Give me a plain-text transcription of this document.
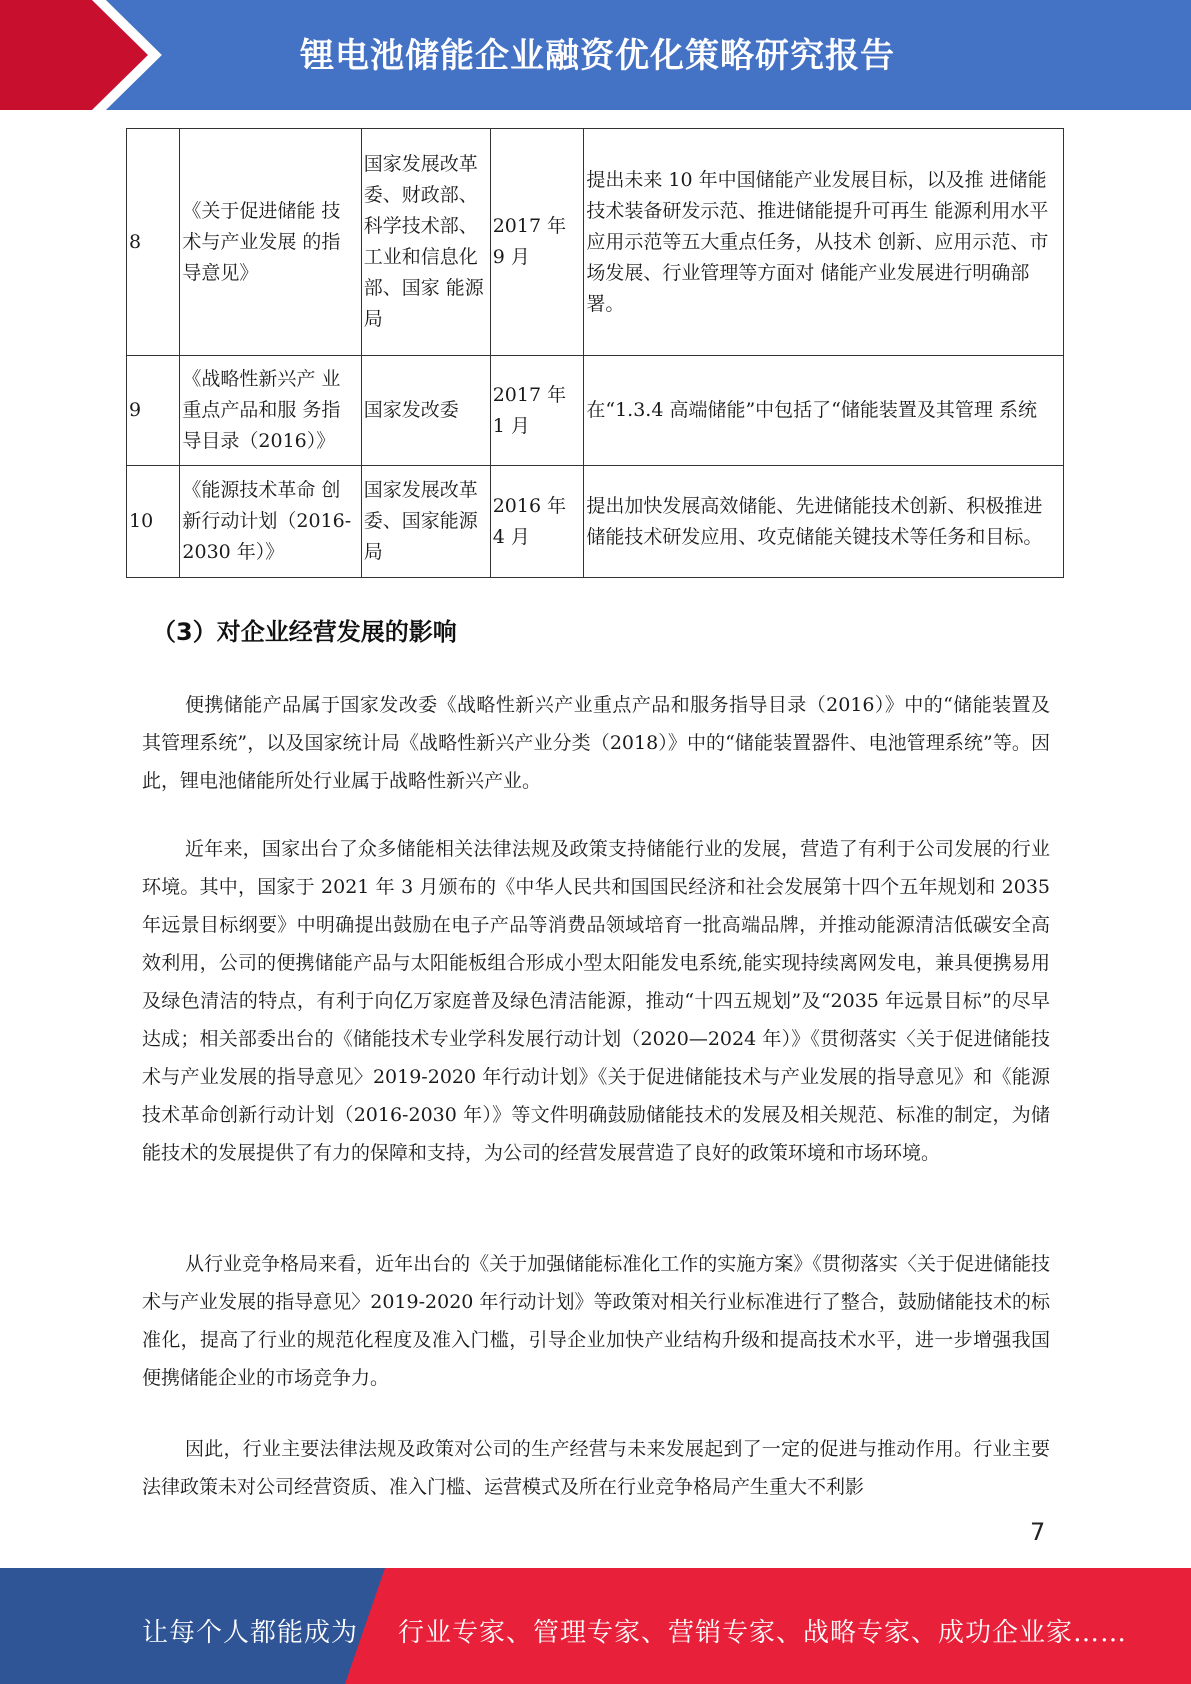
锂电池储能企业融资优化策略研究报告
8	《关于促进储能 技术与产业发展 的指导意见》	国家发展改革委、财政部、科学技术部、工业和信息化部、国家 能源局	2017 年 9 月	提出未来 10 年中国储能产业发展目标，以及推 进储能技术装备研发示范、推进储能提升可再生 能源利用水平应用示范等五大重点任务，从技术 创新、应用示范、市场发展、行业管理等方面对 储能产业发展进行明确部署。
9	《战略性新兴产 业重点产品和服 务指导目录（2016）》	国家发改委	2017 年 1 月	在“1.3.4 高端储能”中包括了“储能装置及其管理 系统
10	《能源技术革命 创新行动计划（2016-2030 年）》	国家发展改革委、国家能源局	2016 年 4 月	提出加快发展高效储能、先进储能技术创新、积极推进储能技术研发应用、攻克储能关键技术等任务和目标。
（3）对企业经营发展的影响

便携储能产品属于国家发改委《战略性新兴产业重点产品和服务指导目录（2016）》中的“储能装置及其管理系统”，以及国家统计局《战略性新兴产业分类（2018）》中的“储能装置器件、电池管理系统”等。因此，锂电池储能所处行业属于战略性新兴产业。

近年来，国家出台了众多储能相关法律法规及政策支持储能行业的发展，营造了有利于公司发展的行业环境。其中，国家于 2021 年 3 月颁布的《中华人民共和国国民经济和社会发展第十四个五年规划和 2035 年远景目标纲要》中明确提出鼓励在电子产品等消费品领域培育一批高端品牌，并推动能源清洁低碳安全高效利用，公司的便携储能产品与太阳能板组合形成小型太阳能发电系统,能实现持续离网发电，兼具便携易用及绿色清洁的特点，有利于向亿万家庭普及绿色清洁能源，推动“十四五规划”及“2035 年远景目标”的尽早达成；相关部委出台的《储能技术专业学科发展行动计划（2020—2024 年）》《贯彻落实〈关于促进储能技术与产业发展的指导意见〉2019-2020 年行动计划》《关于促进储能技术与产业发展的指导意见》和《能源技术革命创新行动计划（2016-2030 年）》等文件明确鼓励储能技术的发展及相关规范、标准的制定，为储能技术的发展提供了有力的保障和支持，为公司的经营发展营造了良好的政策环境和市场环境。

从行业竞争格局来看，近年出台的《关于加强储能标准化工作的实施方案》《贯彻落实〈关于促进储能技术与产业发展的指导意见〉2019-2020 年行动计划》等政策对相关行业标准进行了整合，鼓励储能技术的标准化，提高了行业的规范化程度及准入门槛，引导企业加快产业结构升级和提高技术水平，进一步增强我国便携储能企业的市场竞争力。

因此，行业主要法律法规及政策对公司的生产经营与未来发展起到了一定的促进与推动作用。行业主要法律政策未对公司经营资质、准入门槛、运营模式及所在行业竞争格局产生重大不利影

7
让每个人都能成为 行业专家、管理专家、营销专家、战略专家、成功企业家……
